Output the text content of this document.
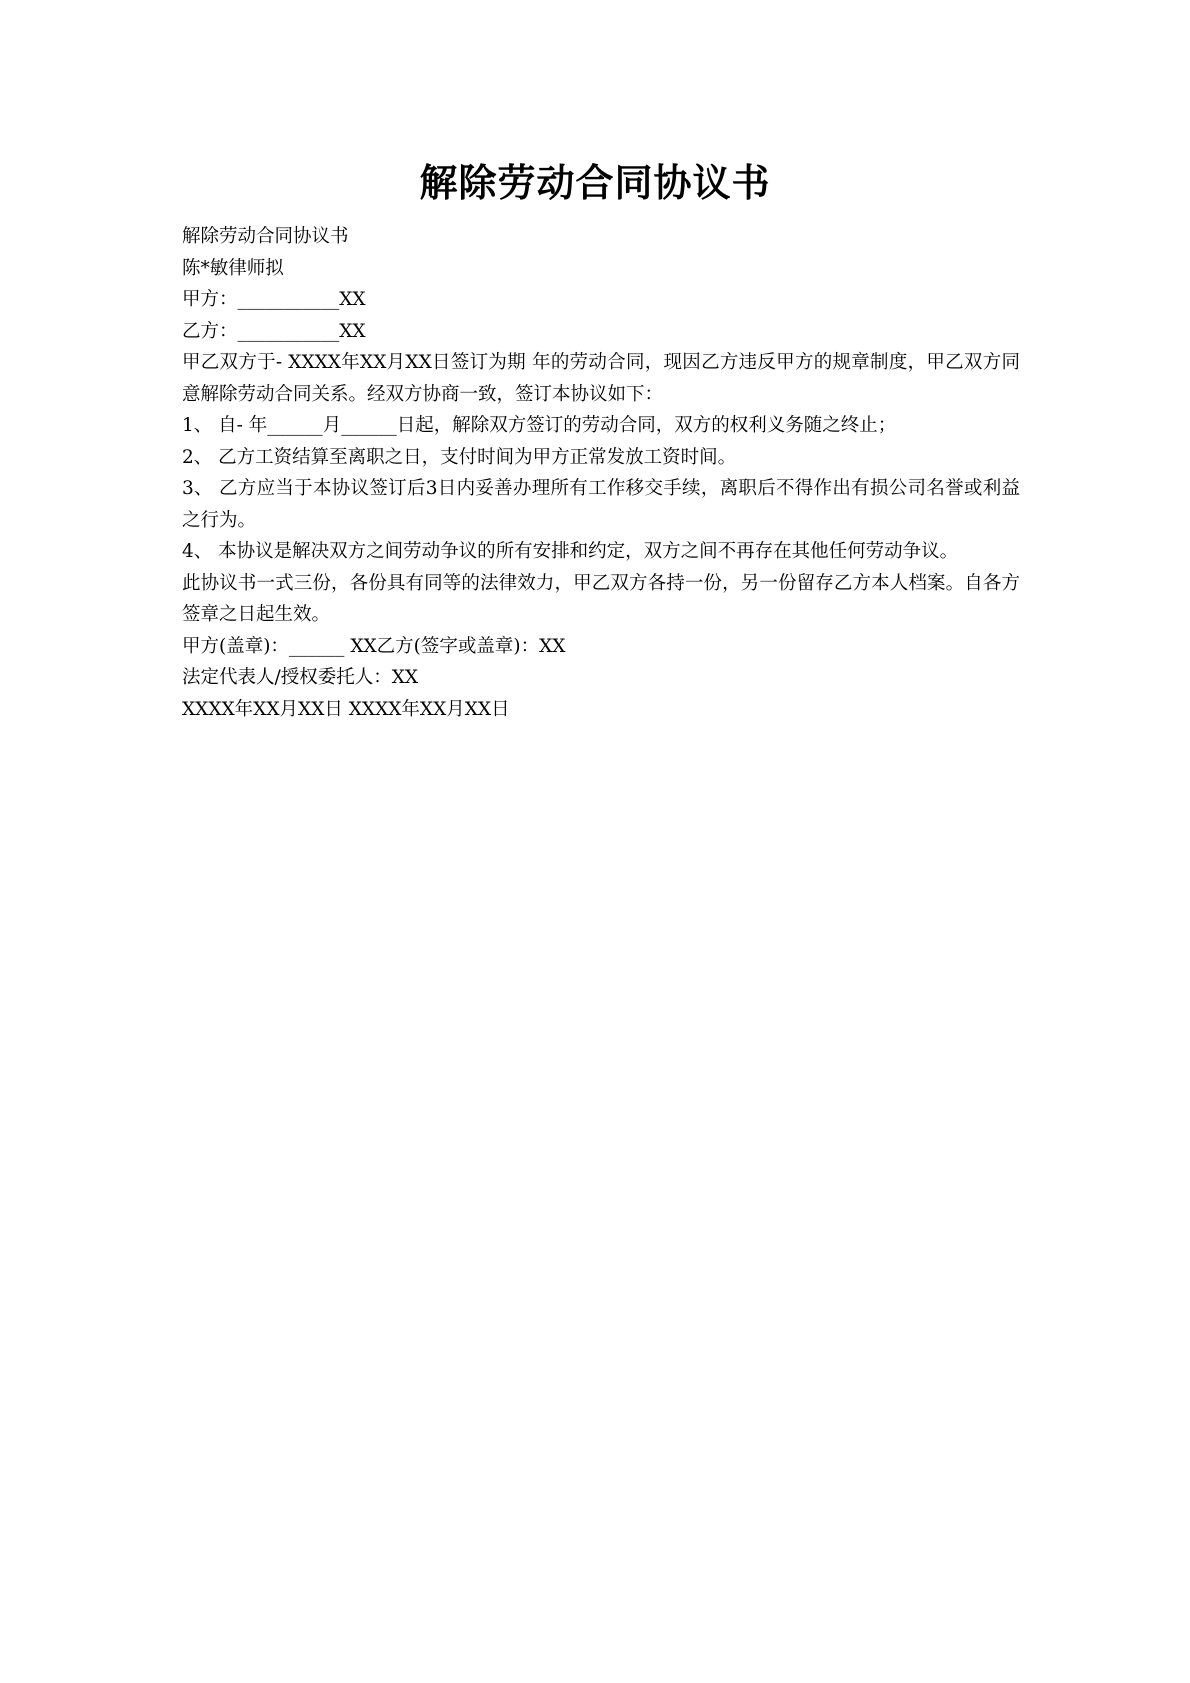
解除劳动合同协议书
解除劳动合同协议书
陈*敏律师拟
甲方：___________XX
乙方：___________XX
甲乙双方于- XXXX年XX月XX日签订为期 年的劳动合同，现因乙方违反甲方的规章制度，甲乙双方同意解除劳动合同关系。经双方协商一致，签订本协议如下：
1、 自- 年______月______日起，解除双方签订的劳动合同，双方的权利义务随之终止；
2、 乙方工资结算至离职之日，支付时间为甲方正常发放工资时间。
3、 乙方应当于本协议签订后3日内妥善办理所有工作移交手续，离职后不得作出有损公司名誉或利益之行为。
4、 本协议是解决双方之间劳动争议的所有安排和约定，双方之间不再存在其他任何劳动争议。
此协议书一式三份，各份具有同等的法律效力，甲乙双方各持一份，另一份留存乙方本人档案。自各方签章之日起生效。
甲方(盖章)：______ XX乙方(签字或盖章)：XX
法定代表人/授权委托人：XX
XXXX年XX月XX日 XXXX年XX月XX日
